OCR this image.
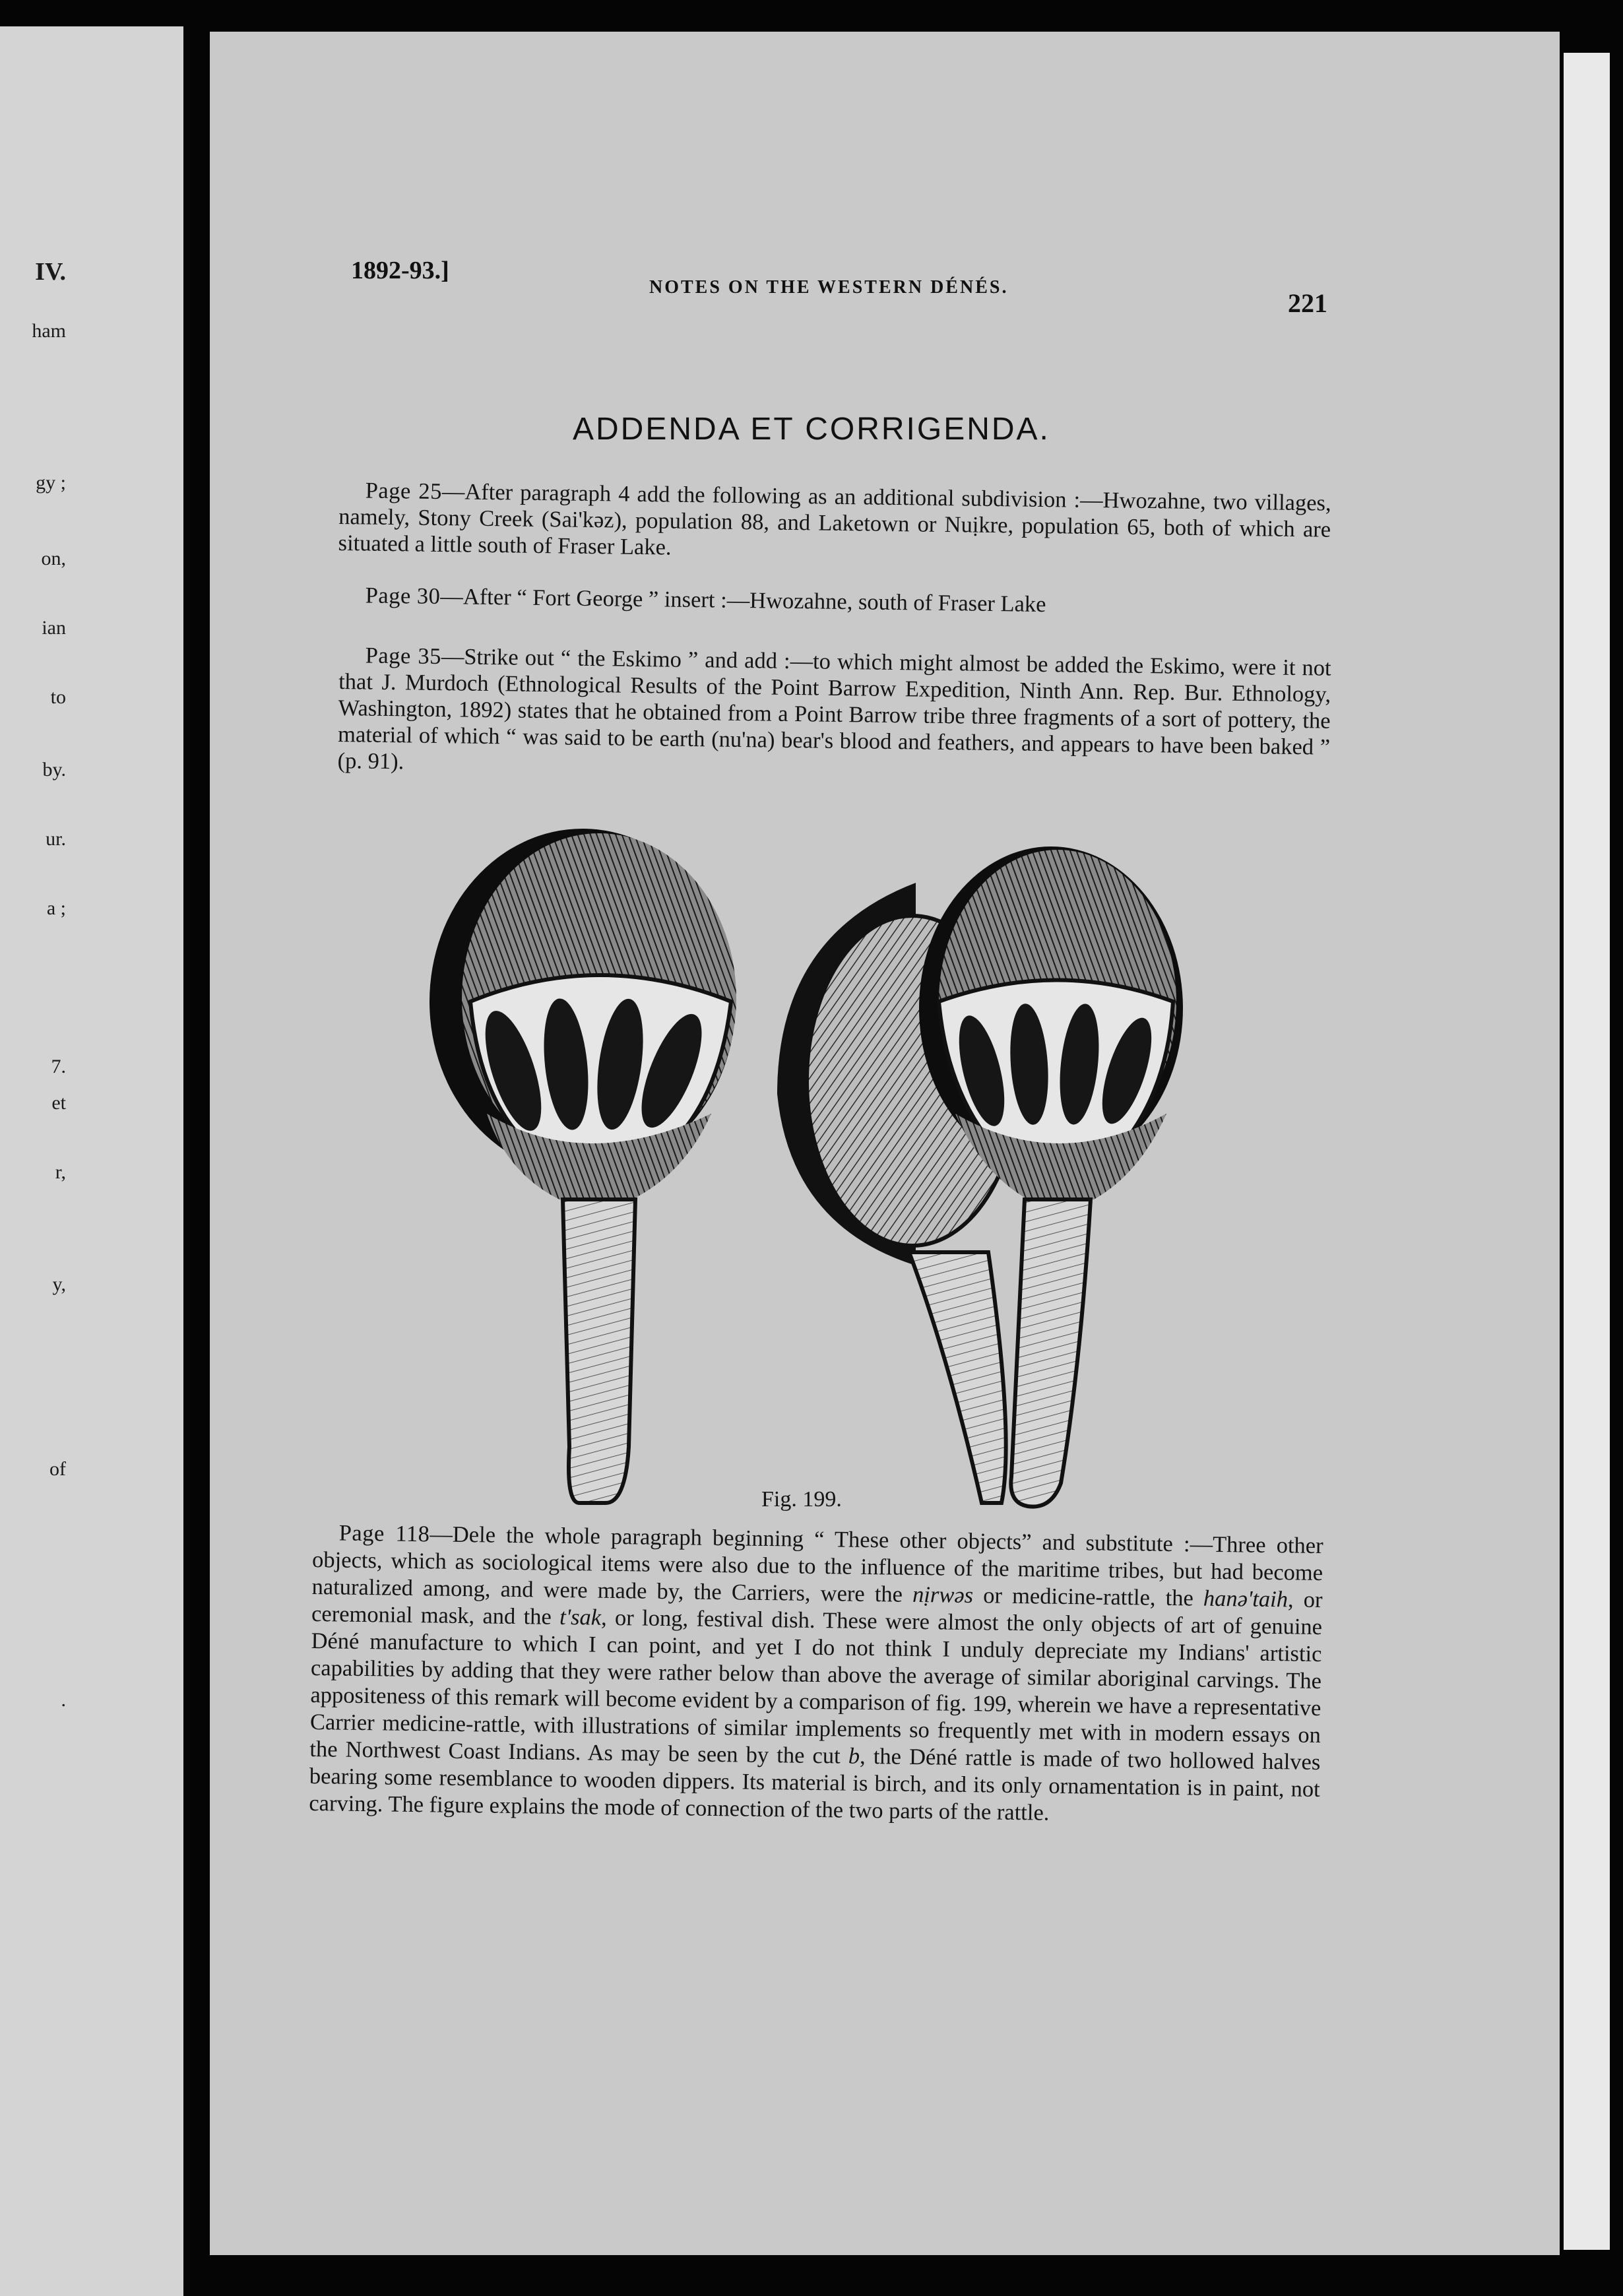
IV.
ham
gy ;
on,
ian
to
by.
ur.
a ;
7.
et
r,
y,
of
.
1892-93.]
NOTES ON THE WESTERN DÉNÉS.
221
ADDENDA ET CORRIGENDA.

Page 25—After paragraph 4 add the following as an additional subdivision :—Hwozahne, two villages, namely, Stony Creek (Sai'kəz), population 88, and Laketown or Nuịkre, population 65, both of which are situated a little south of Fraser Lake.

Page 30—After “ Fort George ” insert :—Hwozahne, south of Fraser Lake

Page 35—Strike out “ the Eskimo ” and add :—to which might almost be added the Eskimo, were it not that J. Murdoch (Ethnological Results of the Point Barrow Expedition, Ninth Ann. Rep. Bur. Ethnology, Washington, 1892) states that he obtained from a Point Barrow tribe three fragments of a sort of pottery, the material of which “ was said to be earth (nu'na) bear's blood and feathers, and appears to have been baked ” (p. 91).

Fig. 199.

Page 118—Dele the whole paragraph beginning “ These other objects” and substitute :—Three other objects, which as sociological items were also due to the influence of the maritime tribes, but had become naturalized among, and were made by, the Carriers, were the nịrwəs or medicine-rattle, the hanə'taih, or ceremonial mask, and the t'sak, or long, festival dish. These were almost the only objects of art of genuine Déné manufacture to which I can point, and yet I do not think I unduly depreciate my Indians' artistic capabilities by adding that they were rather below than above the average of similar aboriginal carvings. The appositeness of this remark will become evident by a comparison of fig. 199, wherein we have a representative Carrier medicine-rattle, with illustrations of similar implements so frequently met with in modern essays on the Northwest Coast Indians. As may be seen by the cut b, the Déné rattle is made of two hollowed halves bearing some resemblance to wooden dippers. Its material is birch, and its only ornamentation is in paint, not carving. The figure explains the mode of connection of the two parts of the rattle.
